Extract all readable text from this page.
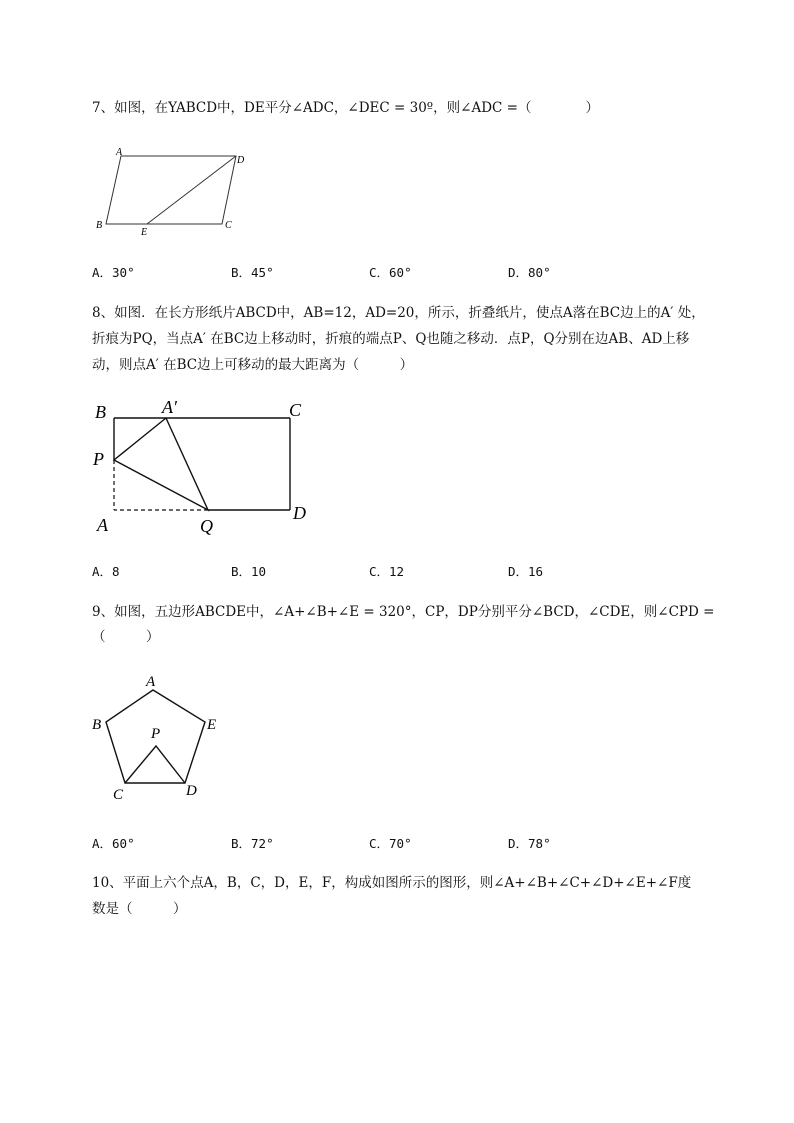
7、如图，在YABCD中，DE平分∠ADC，∠DEC = 30º，则∠ADC =（　　　　）
A
D
B
E
C
A．30°	B．45°	C．60°	D．80°
8、如图．在长方形纸片ABCD中，AB=12，AD=20，所示，折叠纸片，使点A落在BC边上的A′ 处，
折痕为PQ，当点A′ 在BC边上移动时，折痕的端点P、Q也随之移动．点P，Q分别在边AB、AD上移
动，则点A′ 在BC边上可移动的最大距离为（　　　）
B	A′	C
P
A	Q
D
A．8	B．10	C．12	D．16
9、如图，五边形ABCDE中，∠A+∠B+∠E = 320°，CP，DP分别平分∠BCD，∠CDE，则∠CPD =
（　　　）
A
B	E
P
C	D
A．60°	B．72°	C．70°	D．78°
10、平面上六个点A，B，C，D，E，F，构成如图所示的图形，则∠A+∠B+∠C+∠D+∠E+∠F度
数是（　　　）
